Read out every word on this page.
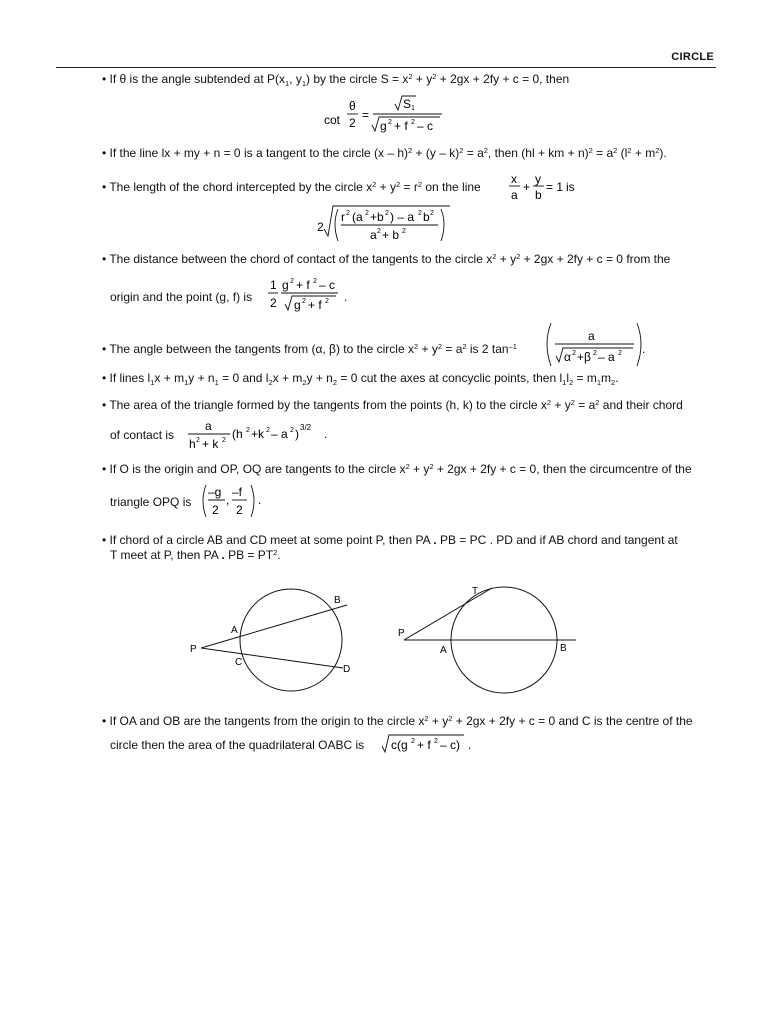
CIRCLE
• If θ is the angle subtended at $P(x_1$, $y_1$) by the circle $S = x^2 + y^2 + 2gx + 2fy + c = 0$, then
cot
θ
2
=
S 1
g 2 + f 2 – c
• If the line lx + my + n = 0 is a tangent to the circle $(x - h)^2 + (y - k)^2 = a^2$, then (hl + km + $n)^2 = a^2$ $(l^2 + m^2)$.
• The length of the chord intercepted by the circle $x^2 + y^2 = r^2$ on the line
x
a
+
y
b
= 1 is
2
r 2 (a 2 +b 2 ) – a 2 b 2
a 2 + b 2
• The distance between the chord of contact of the tangents to the circle $x^2 + y^2 + 2gx + 2fy + c = 0$ from the
origin and the point (g, f) is
1
2
g 2 + f 2 – c
g 2 + f 2 .
• The angle between the tangents from (α, β) to the circle $x^2 + y^2 = a^2$ is 2 $\tan^{-1}$
a
α 2 +β 2 – a 2 .
• If lines $l_1x + m_1y + n_1 = 0$ and $l_2x + m_2y + n_2 = 0$ cut the axes at concyclic points, then $l_1l_2 = m_1m_2$.
• The area of the triangle formed by the tangents from the points (h, k) to the circle $x^2 + y^2 = a^2$ and their chord
of contact is
a
h 2 + k 2 (h 2 +k 2 – a 2 ) 3/2 .
• If O is the origin and OP, OQ are tangents to the circle $x^2 + y^2 + 2gx + 2fy + c = 0$, then the circumcentre of the
triangle OPQ is
–g
2
,
–f
2
.
• If chord of a circle AB and CD meet at some point P, then PA . PB = PC . PD and if AB chord and tangent at
T meet at P, then PA . PB = $PT^2$.
P
A
B
C
D
P
T
A	B
• If OA and OB are the tangents from the origin to the circle $x^2 + y^2 + 2gx + 2fy + c = 0$ and C is the centre of the
circle then the area of the quadrilateral OABC is c(g 2 + f 2 – c) .
